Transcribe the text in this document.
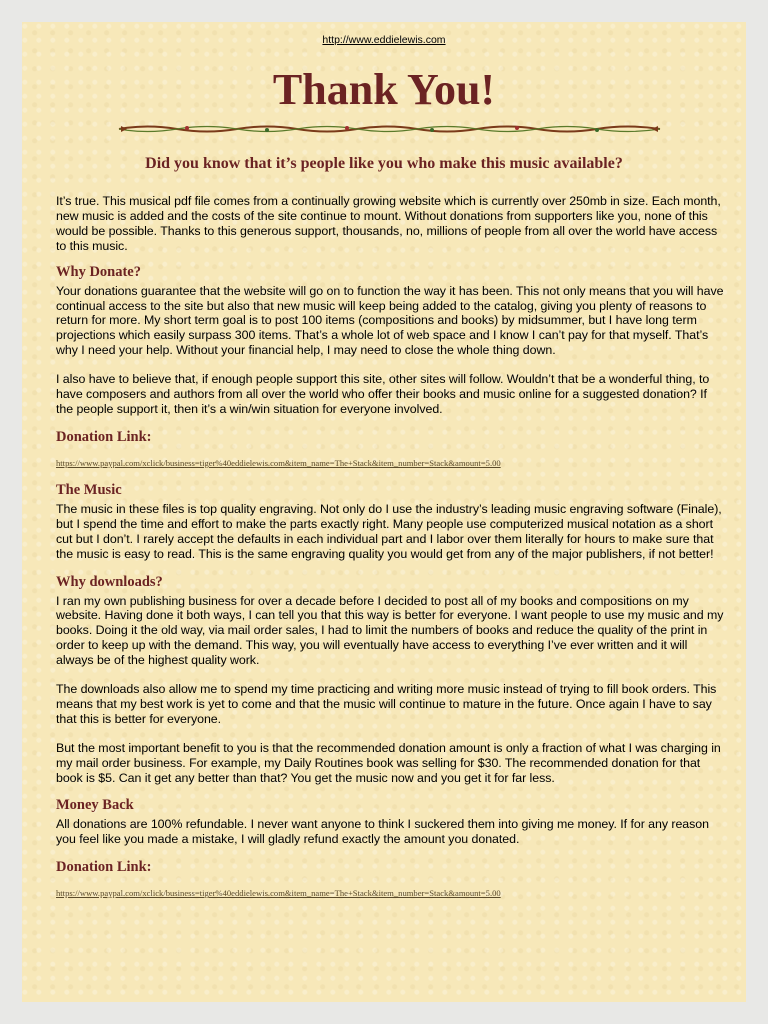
http://www.eddielewis.com
Thank You!
Did you know that it’s people like you who make this music available?

It’s true. This musical pdf file comes from a continually growing website which is currently over 250mb in size. Each month, new music is added and the costs of the site continue to mount. Without donations from supporters like you, none of this would be possible. Thanks to this generous support, thousands, no, millions of people from all over the world have access to this music.

Why Donate?

Your donations guarantee that the website will go on to function the way it has been. This not only means that you will have continual access to the site but also that new music will keep being added to the catalog, giving you plenty of reasons to return for more. My short term goal is to post 100 items (compositions and books) by midsummer, but I have long term projections which easily surpass 300 items. That’s a whole lot of web space and I know I can’t pay for that myself. That’s why I need your help. Without your financial help, I may need to close the whole thing down.

I also have to believe that, if enough people support this site, other sites will follow. Wouldn’t that be a wonderful thing, to have composers and authors from all over the world who offer their books and music online for a suggested donation? If the people support it, then it’s a win/win situation for everyone involved.

Donation Link:
https://www.paypal.com/xclick/business=tiger%40eddielewis.com&item_name=The+Stack&item_number=Stack&amount=5.00
The Music

The music in these files is top quality engraving. Not only do I use the industry’s leading music engraving software (Finale), but I spend the time and effort to make the parts exactly right. Many people use computerized musical notation as a short cut but I don’t. I rarely accept the defaults in each individual part and I labor over them literally for hours to make sure that the music is easy to read. This is the same engraving quality you would get from any of the major publishers, if not better!

Why downloads?

I ran my own publishing business for over a decade before I decided to post all of my books and compositions on my website. Having done it both ways, I can tell you that this way is better for everyone. I want people to use my music and my books. Doing it the old way, via mail order sales, I had to limit the numbers of books and reduce the quality of the print in order to keep up with the demand. This way, you will eventually have access to everything I’ve ever written and it will always be of the highest quality work.

The downloads also allow me to spend my time practicing and writing more music instead of trying to fill book orders. This means that my best work is yet to come and that the music will continue to mature in the future. Once again I have to say that this is better for everyone.

But the most important benefit to you is that the recommended donation amount is only a fraction of what I was charging in my mail order business. For example, my Daily Routines book was selling for $30. The recommended donation for that book is $5. Can it get any better than that? You get the music now and you get it for far less.

Money Back

All donations are 100% refundable. I never want anyone to think I suckered them into giving me money. If for any reason you feel like you made a mistake, I will gladly refund exactly the amount you donated.

Donation Link:
https://www.paypal.com/xclick/business=tiger%40eddielewis.com&item_name=The+Stack&item_number=Stack&amount=5.00
